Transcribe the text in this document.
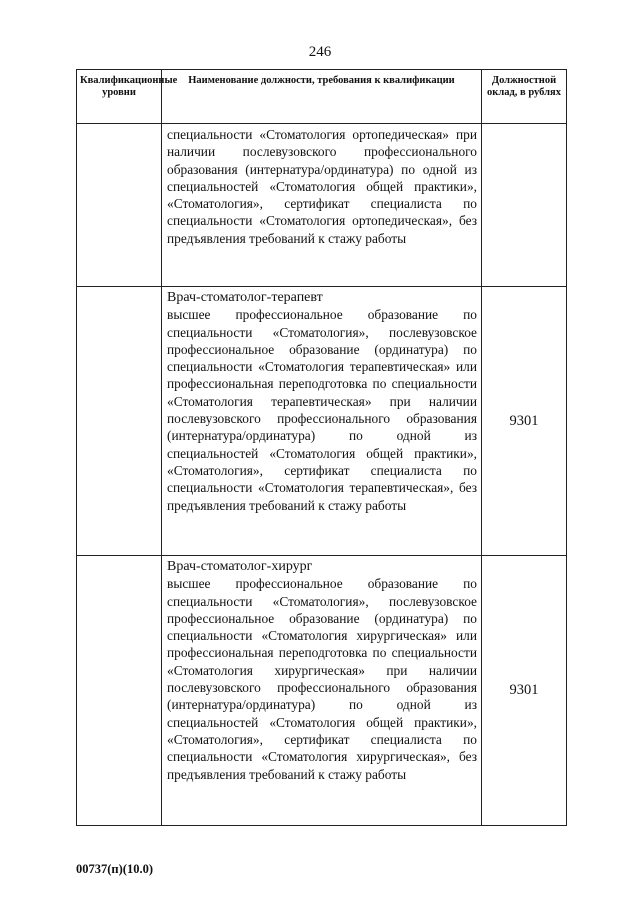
246
Квалификационные уровни	Наименование должности, требования к квалификации	Должностной оклад, в рублях

	специальности «Стоматология ортопедическая» при наличии послевузовского профессионального образования (интернатура/ординатура) по одной из специальностей «Стоматология общей практики», «Стоматология», сертификат специалиста по специальности «Стоматология ортопедическая», без предъявления требований к стажу работы	

	Врач-стоматолог-терапевт
высшее профессиональное образование по специальности «Стоматология», послевузовское профессиональное образование (ординатура) по специальности «Стоматология терапевтическая» или профессиональная переподготовка по специальности «Стоматология терапевтическая» при наличии послевузовского профессионального образования (интернатура/ординатура) по одной из специальностей «Стоматология общей практики», «Стоматология», сертификат специалиста по специальности «Стоматология терапевтическая», без предъявления требований к стажу работы	9301

	Врач-стоматолог-хирург
высшее профессиональное образование по специальности «Стоматология», послевузовское профессиональное образование (ординатура) по специальности «Стоматология хирургическая» или профессиональная переподготовка по специальности «Стоматология хирургическая» при наличии послевузовского профессионального образования (интернатура/ординатура) по одной из специальностей «Стоматология общей практики», «Стоматология», сертификат специалиста по специальности «Стоматология хирургическая», без предъявления требований к стажу работы	9301
00737(п)(10.0)
